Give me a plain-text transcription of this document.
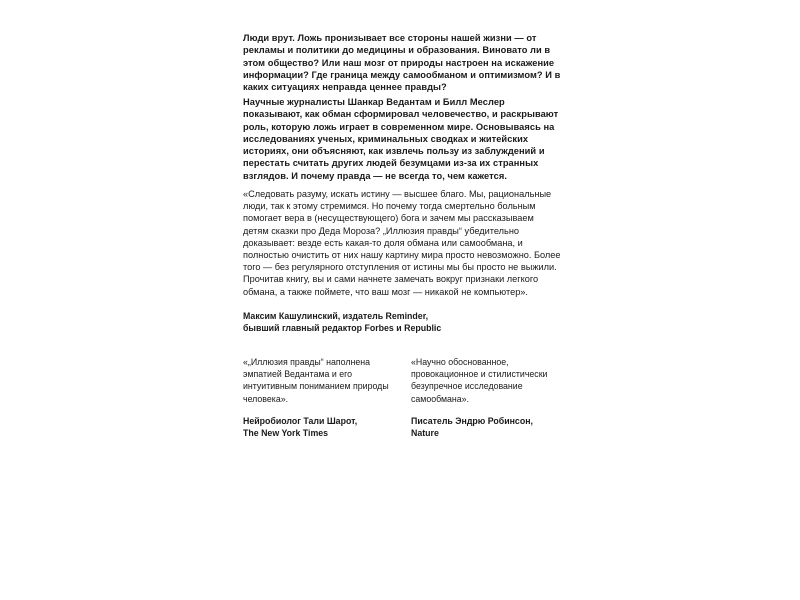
Люди врут. Ложь пронизывает все стороны нашей жизни — от рекламы и политики до медицины и образования. Виновато ли в этом общество? Или наш мозг от природы настроен на искажение информации? Где граница между самообманом и оптимизмом? И в каких ситуациях неправда ценнее правды?

Научные журналисты Шанкар Ведантам и Билл Меслер показывают, как обман сформировал человечество, и раскрывают роль, которую ложь играет в современном мире. Основываясь на исследованиях ученых, криминальных сводках и житейских историях, они объясняют, как извлечь пользу из заблуждений и перестать считать других людей безумцами из-за их странных взглядов. И почему правда — не всегда то, чем кажется.

«Следовать разуму, искать истину — высшее благо. Мы, рациональные люди, так к этому стремимся. Но почему тогда смертельно больным помогает вера в (несуществующего) бога и зачем мы рассказываем детям сказки про Деда Мороза? „Иллюзия правды“ убедительно доказывает: везде есть какая-то доля обмана или самообмана, и полностью очистить от них нашу картину мира просто невозможно. Более того — без регулярного отступления от истины мы бы просто не выжили. Прочитав книгу, вы и сами начнете замечать вокруг признаки легкого обмана, а также поймете, что ваш мозг — никакой не компьютер».

Максим Кашулинский, издатель Reminder,
бывший главный редактор Forbes и Republic

«„Иллюзия правды“ наполнена эмпатией Ведантама и его интуитивным пониманием природы человека».

Нейробиолог Тали Шарот,
The New York Times

«Научно обоснованное, провокационное и стилистически безупречное исследование самообмана».

Писатель Эндрю Робинсон,
Nature
